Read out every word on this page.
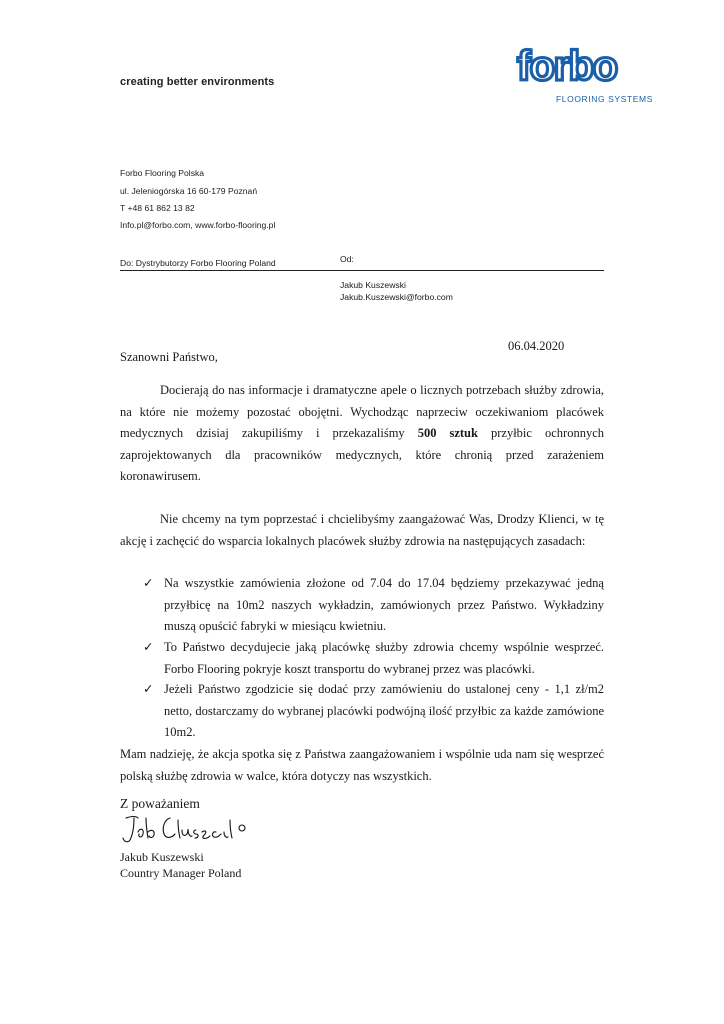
creating better environments	forbo
FLOORING SYSTEMS
Forbo Flooring Polska
ul. Jeleniogórska 16 60-179 Poznań
T +48 61 862 13 82
Info.pl@forbo.com, www.forbo-flooring.pl
Do: Dystrybutorzy Forbo Flooring Poland	Od:
Jakub Kuszewski
Jakub.Kuszewski@forbo.com
06.04.2020
Szanowni Państwo,
Docierają do nas informacje i dramatyczne apele o licznych potrzebach służby zdrowia, na które nie możemy pozostać obojętni. Wychodząc naprzeciw oczekiwaniom placówek medycznych dzisiaj zakupiliśmy i przekazaliśmy 500 sztuk przyłbic ochronnych zaprojektowanych dla pracowników medycznych, które chronią przed zarażeniem koronawirusem.
Nie chcemy na tym poprzestać i chcielibyśmy zaangażować Was, Drodzy Klienci, w tę akcję i zachęcić do wsparcia lokalnych placówek służby zdrowia na następujących zasadach:
✓ Na wszystkie zamówienia złożone od 7.04 do 17.04 będziemy przekazywać jedną przyłbicę na 10m2 naszych wykładzin, zamówionych przez Państwo. Wykładziny muszą opuścić fabryki w miesiącu kwietniu.
✓ To Państwo decydujecie jaką placówkę służby zdrowia chcemy wspólnie wesprzeć. Forbo Flooring pokryje koszt transportu do wybranej przez was placówki.
✓ Jeżeli Państwo zgodzicie się dodać przy zamówieniu do ustalonej ceny - 1,1 zł/m2 netto, dostarczamy do wybranej placówki podwójną ilość przyłbic za każde zamówione 10m2.
Mam nadzieję, że akcja spotka się z Państwa zaangażowaniem i wspólnie uda nam się wesprzeć polską służbę zdrowia w walce, która dotyczy nas wszystkich.
Z poważaniem
Jakub Kuszewski
Country Manager Poland
